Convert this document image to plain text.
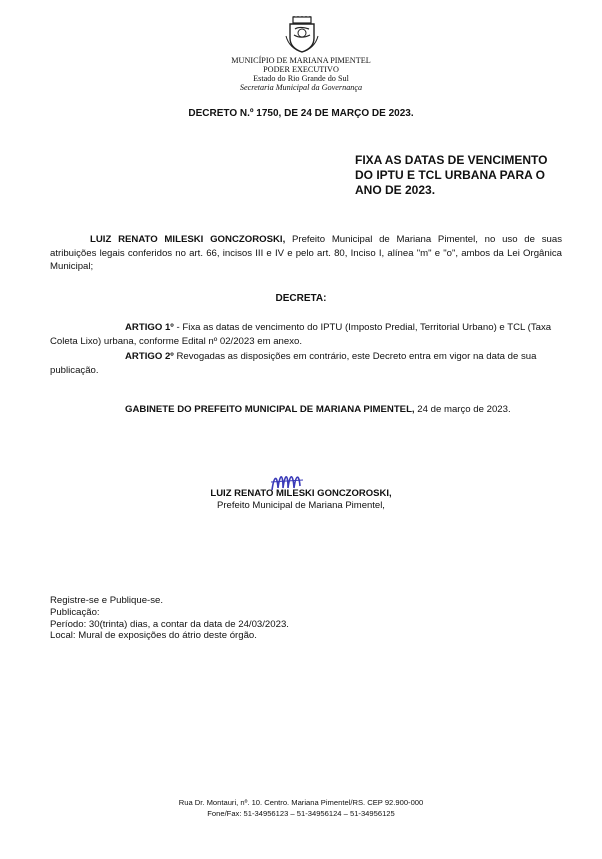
MUNICÍPIO DE MARIANA PIMENTEL
PODER EXECUTIVO
Estado do Rio Grande do Sul
Secretaria Municipal da Governança
DECRETO N.º 1750, DE 24 DE MARÇO DE 2023.
FIXA AS DATAS DE VENCIMENTO
DO IPTU E TCL URBANA PARA O
ANO DE 2023.

LUIZ RENATO MILESKI GONCZOROSKI, Prefeito Municipal de Mariana Pimentel, no uso de suas atribuições legais conferidos no art. 66, incisos III e IV e pelo art. 80, Inciso I, alínea "m" e "o", ambos da Lei Orgânica Municipal;

DECRETA:

ARTIGO 1º - Fixa as datas de vencimento do IPTU (Imposto Predial, Territorial Urbano) e TCL (Taxa Coleta Lixo) urbana, conforme Edital nº 02/2023 em anexo.

ARTIGO 2º Revogadas as disposições em contrário, este Decreto entra em vigor na data de sua publicação.

GABINETE DO PREFEITO MUNICIPAL DE MARIANA PIMENTEL, 24 de março de 2023.

LUIZ RENATO MILESKI GONCZOROSKI,
Prefeito Municipal de Mariana Pimentel,
Registre-se e Publique-se.
Publicação:
Período: 30(trinta) dias, a contar da data de 24/03/2023.
Local: Mural de exposições do átrio deste órgão.
Rua Dr. Montauri, nº. 10. Centro. Mariana Pimentel/RS. CEP 92.900-000
Fone/Fax: 51-34956123 – 51-34956124 – 51-34956125
